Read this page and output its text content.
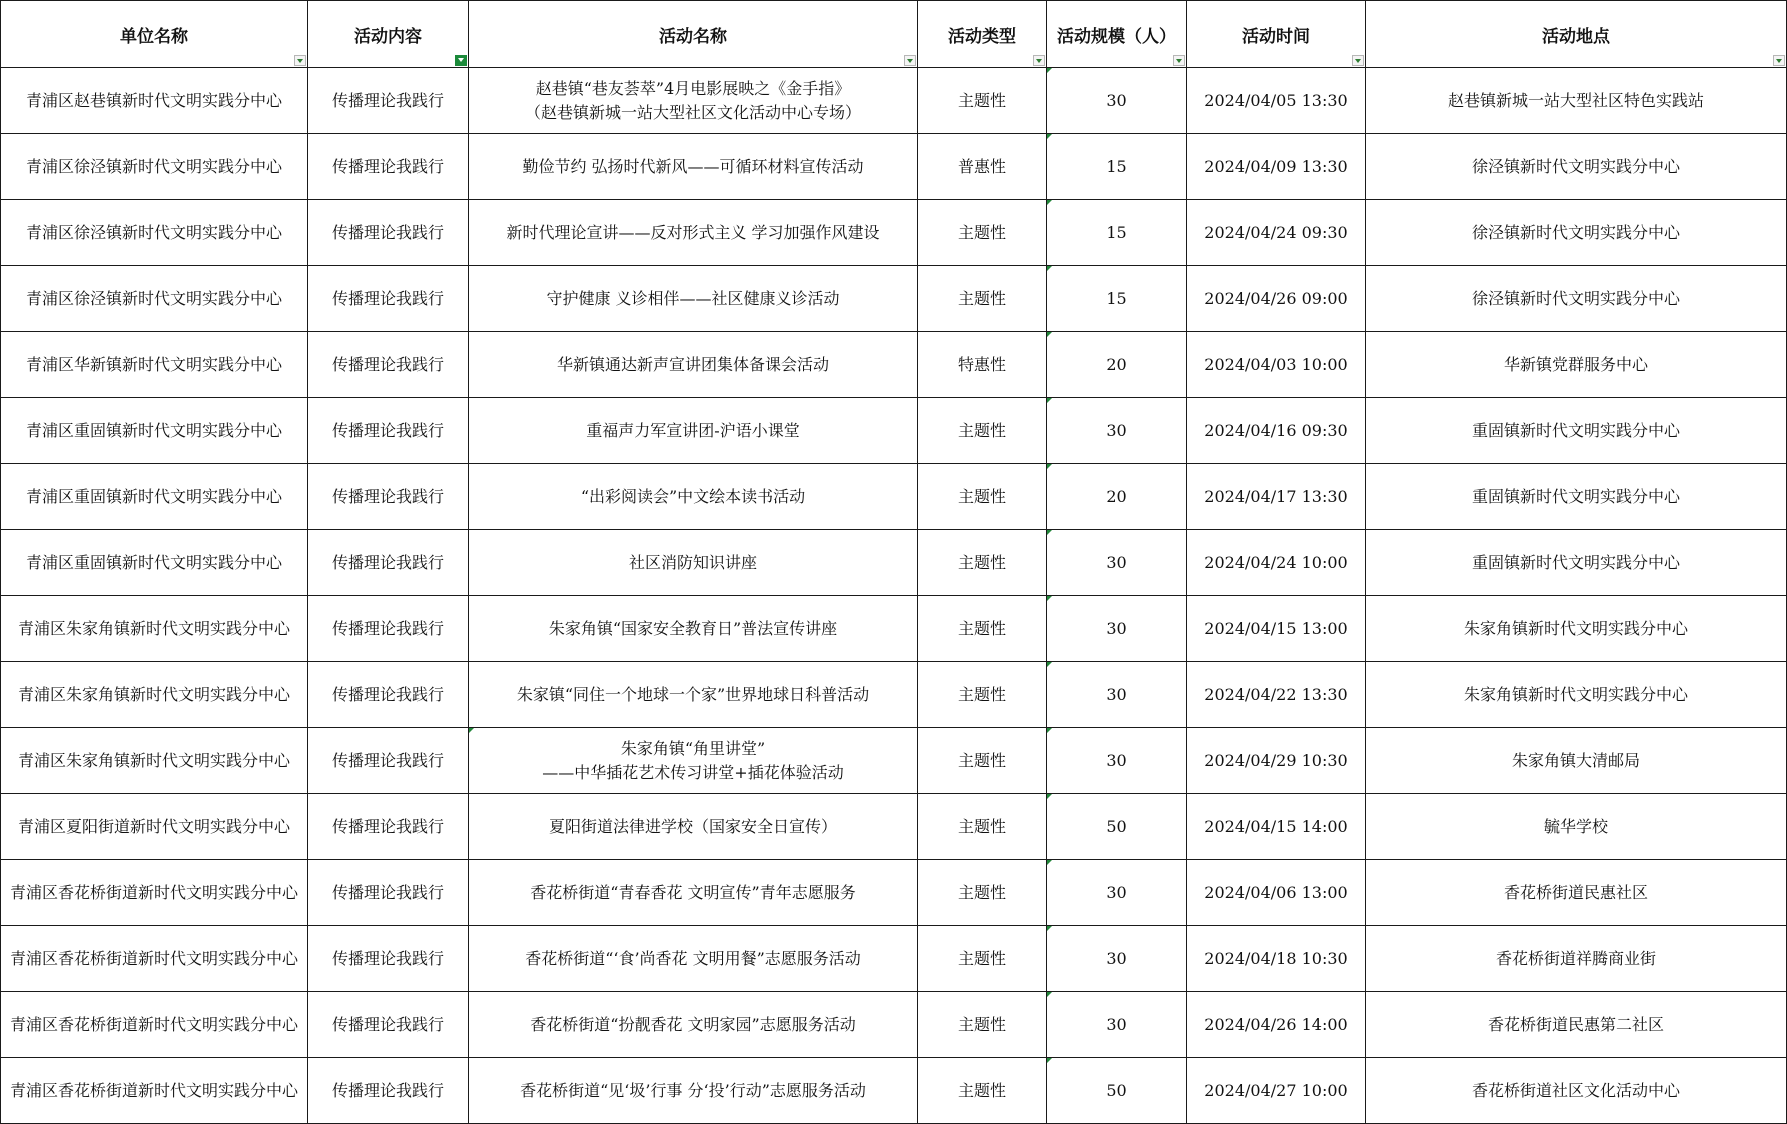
单位名称	活动内容	活动名称	活动类型	活动规模（人）	活动时间	活动地点

青浦区赵巷镇新时代文明实践分中心	传播理论我践行	赵巷镇“巷友荟萃”4月电影展映之《金手指》
（赵巷镇新城一站大型社区文化活动中心专场）	主题性	30	2024/04/05 13:30	赵巷镇新城一站大型社区特色实践站
青浦区徐泾镇新时代文明实践分中心	传播理论我践行	勤俭节约 弘扬时代新风——可循环材料宣传活动	普惠性	15	2024/04/09 13:30	徐泾镇新时代文明实践分中心
青浦区徐泾镇新时代文明实践分中心	传播理论我践行	新时代理论宣讲——反对形式主义 学习加强作风建设	主题性	15	2024/04/24 09:30	徐泾镇新时代文明实践分中心
青浦区徐泾镇新时代文明实践分中心	传播理论我践行	守护健康 义诊相伴——社区健康义诊活动	主题性	15	2024/04/26 09:00	徐泾镇新时代文明实践分中心
青浦区华新镇新时代文明实践分中心	传播理论我践行	华新镇通达新声宣讲团集体备课会活动	特惠性	20	2024/04/03 10:00	华新镇党群服务中心
青浦区重固镇新时代文明实践分中心	传播理论我践行	重福声力军宣讲团-沪语小课堂	主题性	30	2024/04/16 09:30	重固镇新时代文明实践分中心
青浦区重固镇新时代文明实践分中心	传播理论我践行	“出彩阅读会”中文绘本读书活动	主题性	20	2024/04/17 13:30	重固镇新时代文明实践分中心
青浦区重固镇新时代文明实践分中心	传播理论我践行	社区消防知识讲座	主题性	30	2024/04/24 10:00	重固镇新时代文明实践分中心
青浦区朱家角镇新时代文明实践分中心	传播理论我践行	朱家角镇“国家安全教育日”普法宣传讲座	主题性	30	2024/04/15 13:00	朱家角镇新时代文明实践分中心
青浦区朱家角镇新时代文明实践分中心	传播理论我践行	朱家镇“同住一个地球一个家”世界地球日科普活动	主题性	30	2024/04/22 13:30	朱家角镇新时代文明实践分中心
青浦区朱家角镇新时代文明实践分中心	传播理论我践行	朱家角镇“角里讲堂”
——中华插花艺术传习讲堂+插花体验活动	主题性	30	2024/04/29 10:30	朱家角镇大清邮局
青浦区夏阳街道新时代文明实践分中心	传播理论我践行	夏阳街道法律进学校（国家安全日宣传）	主题性	50	2024/04/15 14:00	毓华学校
青浦区香花桥街道新时代文明实践分中心	传播理论我践行	香花桥街道“青春香花 文明宣传”青年志愿服务	主题性	30	2024/04/06 13:00	香花桥街道民惠社区
青浦区香花桥街道新时代文明实践分中心	传播理论我践行	香花桥街道“‘食’尚香花 文明用餐”志愿服务活动	主题性	30	2024/04/18 10:30	香花桥街道祥腾商业街
青浦区香花桥街道新时代文明实践分中心	传播理论我践行	香花桥街道“扮靓香花 文明家园”志愿服务活动	主题性	30	2024/04/26 14:00	香花桥街道民惠第二社区
青浦区香花桥街道新时代文明实践分中心	传播理论我践行	香花桥街道“见‘圾’行事 分‘投’行动”志愿服务活动	主题性	50	2024/04/27 10:00	香花桥街道社区文化活动中心
